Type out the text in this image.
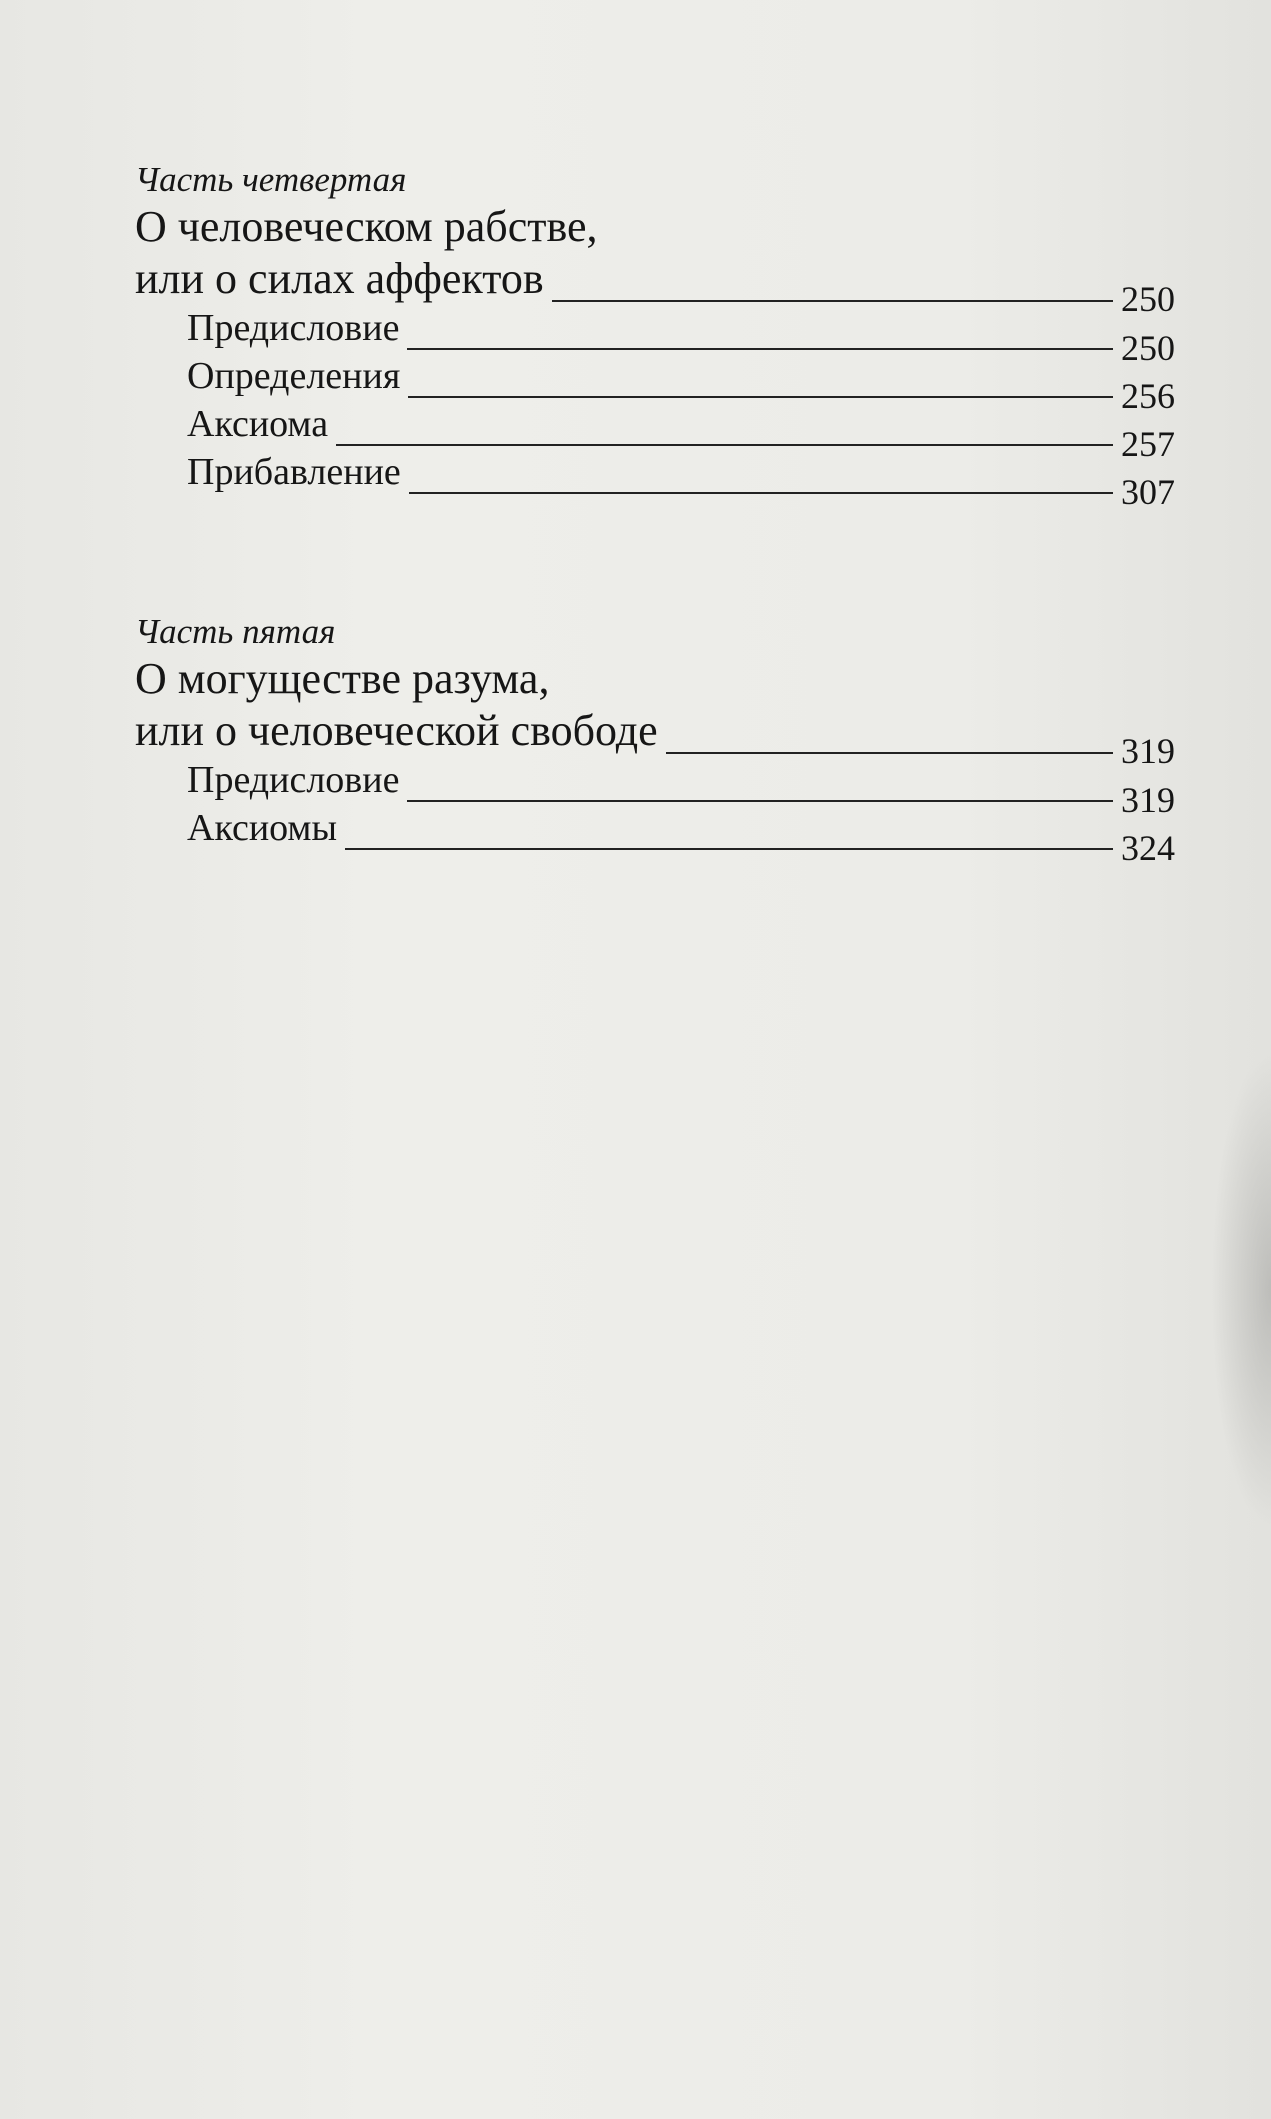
Часть четвертая

О человеческом рабстве,

или о силах аффектов	250
Предисловие	250
Определения	256
Аксиома	257
Прибавление	307

Часть пятая

О могуществе разума,

или о человеческой свободе	319
Предисловие	319
Аксиомы	324
